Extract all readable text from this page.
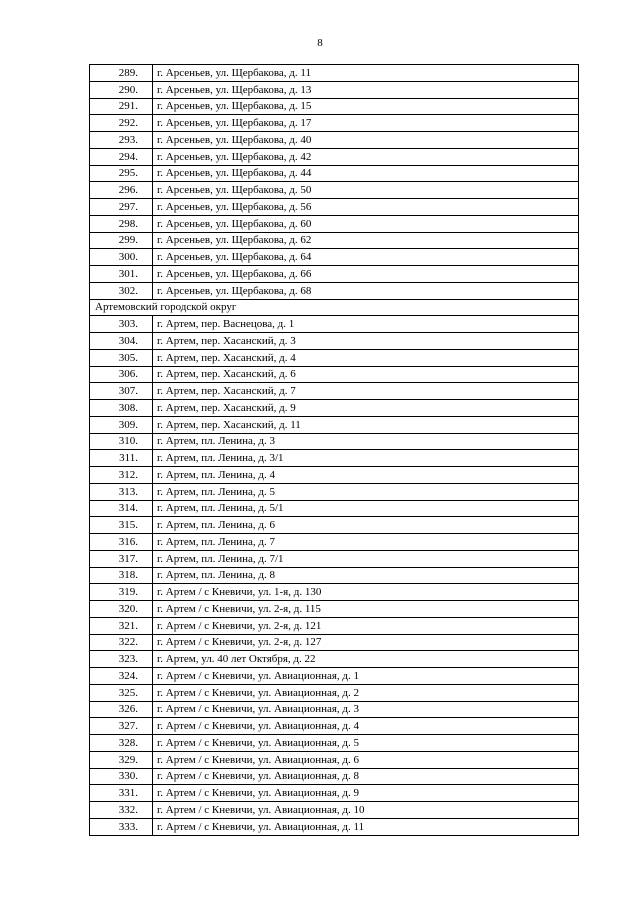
8
289.	г. Арсеньев, ул. Щербакова, д. 11
290.	г. Арсеньев, ул. Щербакова, д. 13
291.	г. Арсеньев, ул. Щербакова, д. 15
292.	г. Арсеньев, ул. Щербакова, д. 17
293.	г. Арсеньев, ул. Щербакова, д. 40
294.	г. Арсеньев, ул. Щербакова, д. 42
295.	г. Арсеньев, ул. Щербакова, д. 44
296.	г. Арсеньев, ул. Щербакова, д. 50
297.	г. Арсеньев, ул. Щербакова, д. 56
298.	г. Арсеньев, ул. Щербакова, д. 60
299.	г. Арсеньев, ул. Щербакова, д. 62
300.	г. Арсеньев, ул. Щербакова, д. 64
301.	г. Арсеньев, ул. Щербакова, д. 66
302.	г. Арсеньев, ул. Щербакова, д. 68
Артемовский городской округ	
303.	г. Артем, пер. Васнецова, д. 1
304.	г. Артем, пер. Хасанский, д. 3
305.	г. Артем, пер. Хасанский, д. 4
306.	г. Артем, пер. Хасанский, д. 6
307.	г. Артем, пер. Хасанский, д. 7
308.	г. Артем, пер. Хасанский, д. 9
309.	г. Артем, пер. Хасанский, д. 11
310.	г. Артем, пл. Ленина, д. 3
311.	г. Артем, пл. Ленина, д. 3/1
312.	г. Артем, пл. Ленина, д. 4
313.	г. Артем, пл. Ленина, д. 5
314.	г. Артем, пл. Ленина, д. 5/1
315.	г. Артем, пл. Ленина, д. 6
316.	г. Артем, пл. Ленина, д. 7
317.	г. Артем, пл. Ленина, д. 7/1
318.	г. Артем, пл. Ленина, д. 8
319.	г. Артем / с Кневичи, ул. 1-я, д. 130
320.	г. Артем / с Кневичи, ул. 2-я, д. 115
321.	г. Артем / с Кневичи, ул. 2-я, д. 121
322.	г. Артем / с Кневичи, ул. 2-я, д. 127
323.	г. Артем, ул. 40 лет Октября, д. 22
324.	г. Артем / с Кневичи, ул. Авиационная, д. 1
325.	г. Артем / с Кневичи, ул. Авиационная, д. 2
326.	г. Артем / с Кневичи, ул. Авиационная, д. 3
327.	г. Артем / с Кневичи, ул. Авиационная, д. 4
328.	г. Артем / с Кневичи, ул. Авиационная, д. 5
329.	г. Артем / с Кневичи, ул. Авиационная, д. 6
330.	г. Артем / с Кневичи, ул. Авиационная, д. 8
331.	г. Артем / с Кневичи, ул. Авиационная, д. 9
332.	г. Артем / с Кневичи, ул. Авиационная, д. 10
333.	г. Артем / с Кневичи, ул. Авиационная, д. 11
